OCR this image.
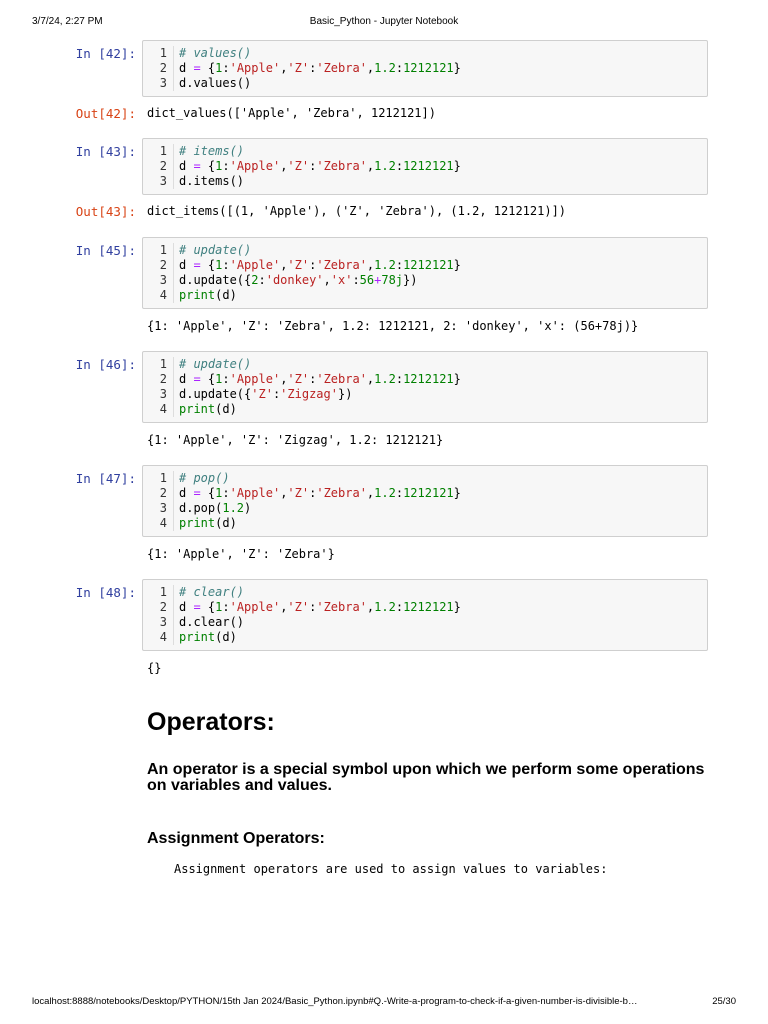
3/7/24, 2:27 PM	Basic_Python - Jupyter Notebook
In [42]:	1	# values()
2	d = {1:'Apple','Z':'Zebra',1.2:1212121}
3	d.values()
Out[42]: dict_values(['Apple', 'Zebra', 1212121])
In [43]:	1	# items()
2	d = {1:'Apple','Z':'Zebra',1.2:1212121}
3	d.items()
Out[43]: dict_items([(1, 'Apple'), ('Z', 'Zebra'), (1.2, 1212121)])
In [45]:	1	# update()
2	d = {1:'Apple','Z':'Zebra',1.2:1212121}
3	d.update({2:'donkey','x':56+78j})
4	print(d)
{1: 'Apple', 'Z': 'Zebra', 1.2: 1212121, 2: 'donkey', 'x': (56+78j)}
In [46]:	1	# update()
2	d = {1:'Apple','Z':'Zebra',1.2:1212121}
3	d.update({'Z':'Zigzag'})
4	print(d)
{1: 'Apple', 'Z': 'Zigzag', 1.2: 1212121}
In [47]:	1	# pop()
2	d = {1:'Apple','Z':'Zebra',1.2:1212121}
3	d.pop(1.2)
4	print(d)
{1: 'Apple', 'Z': 'Zebra'}
In [48]:	1	# clear()
2	d = {1:'Apple','Z':'Zebra',1.2:1212121}
3	d.clear()
4	print(d)
{}
Operators:
An operator is a special symbol upon which we perform some operations on variables and values.
Assignment Operators:
Assignment operators are used to assign values to variables:
localhost:8888/notebooks/Desktop/PYTHON/15th Jan 2024/Basic_Python.ipynb#Q.-Write-a-program-to-check-if-a-given-number-is-divisible-b…	25/30
